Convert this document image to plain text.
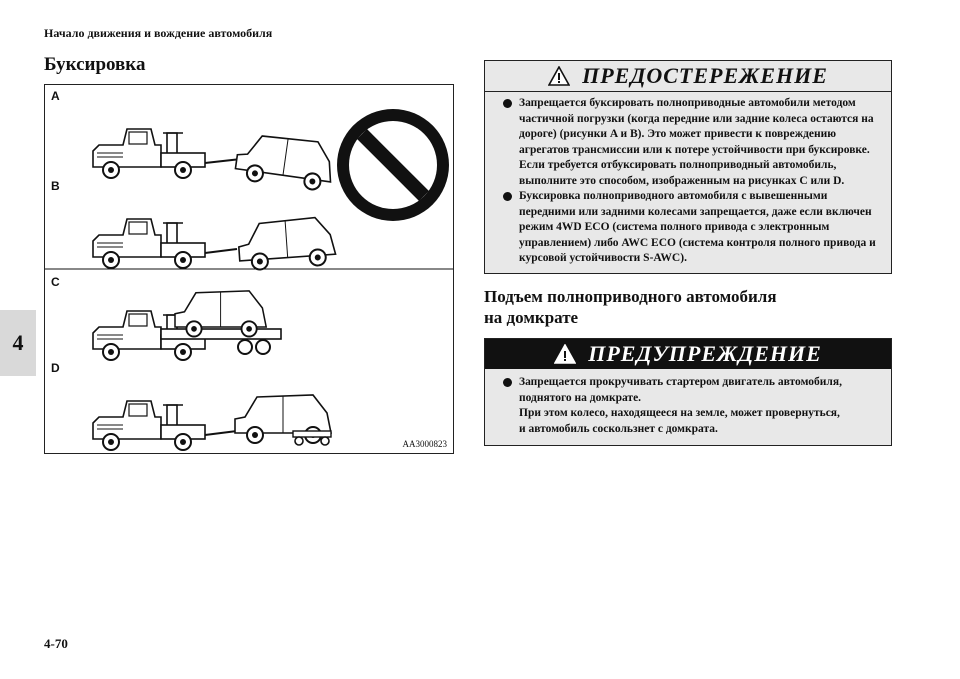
Начало движения и вождение автомобиля
Буксировка
4
4-70
A
B
C
D
AA3000823
ПРЕДОСТЕРЕЖЕНИЕ

Запрещается буксировать полноприводные автомобили методом

частичной погрузки (когда передние или задние колеса остаются на

дороге) (рисунки A и B). Это может привести к повреждению

агрегатов трансмиссии или к потере устойчивости при буксировке.

Если требуется отбуксировать полноприводный автомобиль,

выполните это способом, изображенным на рисунках C или D.

Буксировка полноприводного автомобиля с вывешенными

передними или задними колесами запрещается, даже если включен

режим 4WD ECO (система полного привода с электронным

управлением) либо AWC ECO (система контроля полного привода и

курсовой устойчивости S-AWC).

Подъем полноприводного автомобиля
на домкрате
ПРЕДУПРЕЖДЕНИЕ

Запрещается прокручивать стартером двигатель автомобиля,

поднятого на домкрате.

При этом колесо, находящееся на земле, может провернуться,

и автомобиль соскользнет с домкрата.
